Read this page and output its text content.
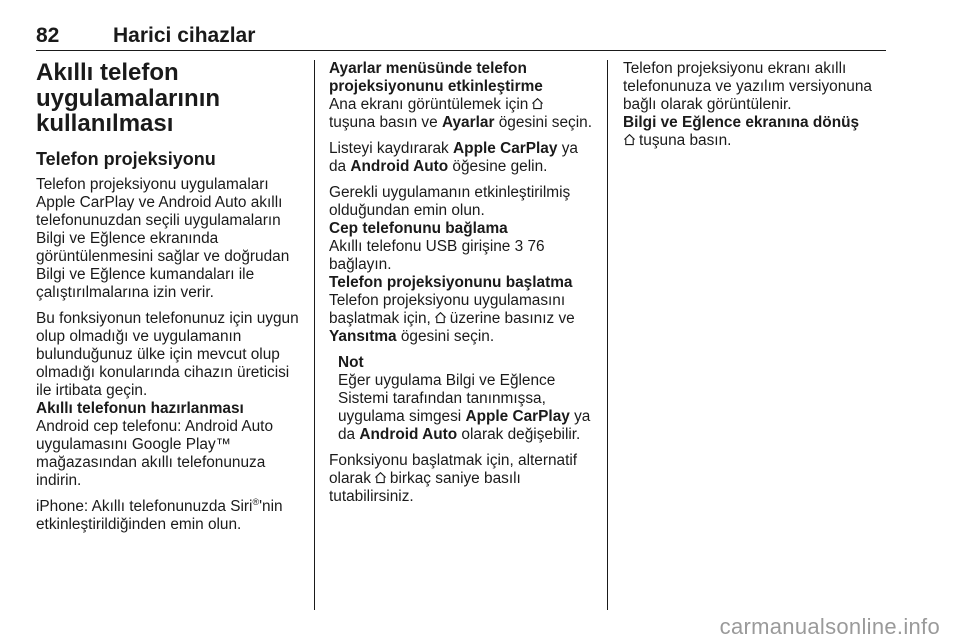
82	Harici cihazlar
Akıllı telefon uygulamalarının kullanılması
Telefon projeksiyonu

Telefon projeksiyonu uygulamaları Apple CarPlay ve Android Auto akıllı telefonunuzdan seçili uygulamaların Bilgi ve Eğlence ekranında görüntülenmesini sağlar ve doğrudan Bilgi ve Eğlence kumandaları ile çalıştırılmalarına izin verir.

Bu fonksiyonun telefonunuz için uygun olup olmadığı ve uygulamanın bulunduğunuz ülke için mevcut olup olmadığı konularında cihazın üreticisi ile irtibata geçin.

Akıllı telefonun hazırlanması

Android cep telefonu: Android Auto uygulamasını Google Play™ mağazasından akıllı telefonunuza indirin.

iPhone: Akıllı telefonunuzda Siri®'nin etkinleştirildiğinden emin olun.

Ayarlar menüsünde telefon projeksiyonunu etkinleştirme

Ana ekranı görüntülemek için
tuşuna basın ve Ayarlar ögesini seçin.

Listeyi kaydırarak Apple CarPlay ya da Android Auto öğesine gelin.

Gerekli uygulamanın etkinleştirilmiş olduğundan emin olun.

Cep telefonunu bağlama

Akıllı telefonu USB girişine 3 76 bağlayın.

Telefon projeksiyonunu başlatma

Telefon projeksiyonu uygulamasını başlatmak için, üzerine basınız ve Yansıtma ögesini seçin.

Not

Eğer uygulama Bilgi ve Eğlence Sistemi tarafından tanınmışsa, uygulama simgesi Apple CarPlay ya da Android Auto olarak değişebilir.

Fonksiyonu başlatmak için, alternatif olarak birkaç saniye basılı tutabilirsiniz.

Telefon projeksiyonu ekranı akıllı telefonunuza ve yazılım versiyonuna bağlı olarak görüntülenir.

Bilgi ve Eğlence ekranına dönüş

tuşuna basın.

carmanualsonline.info
